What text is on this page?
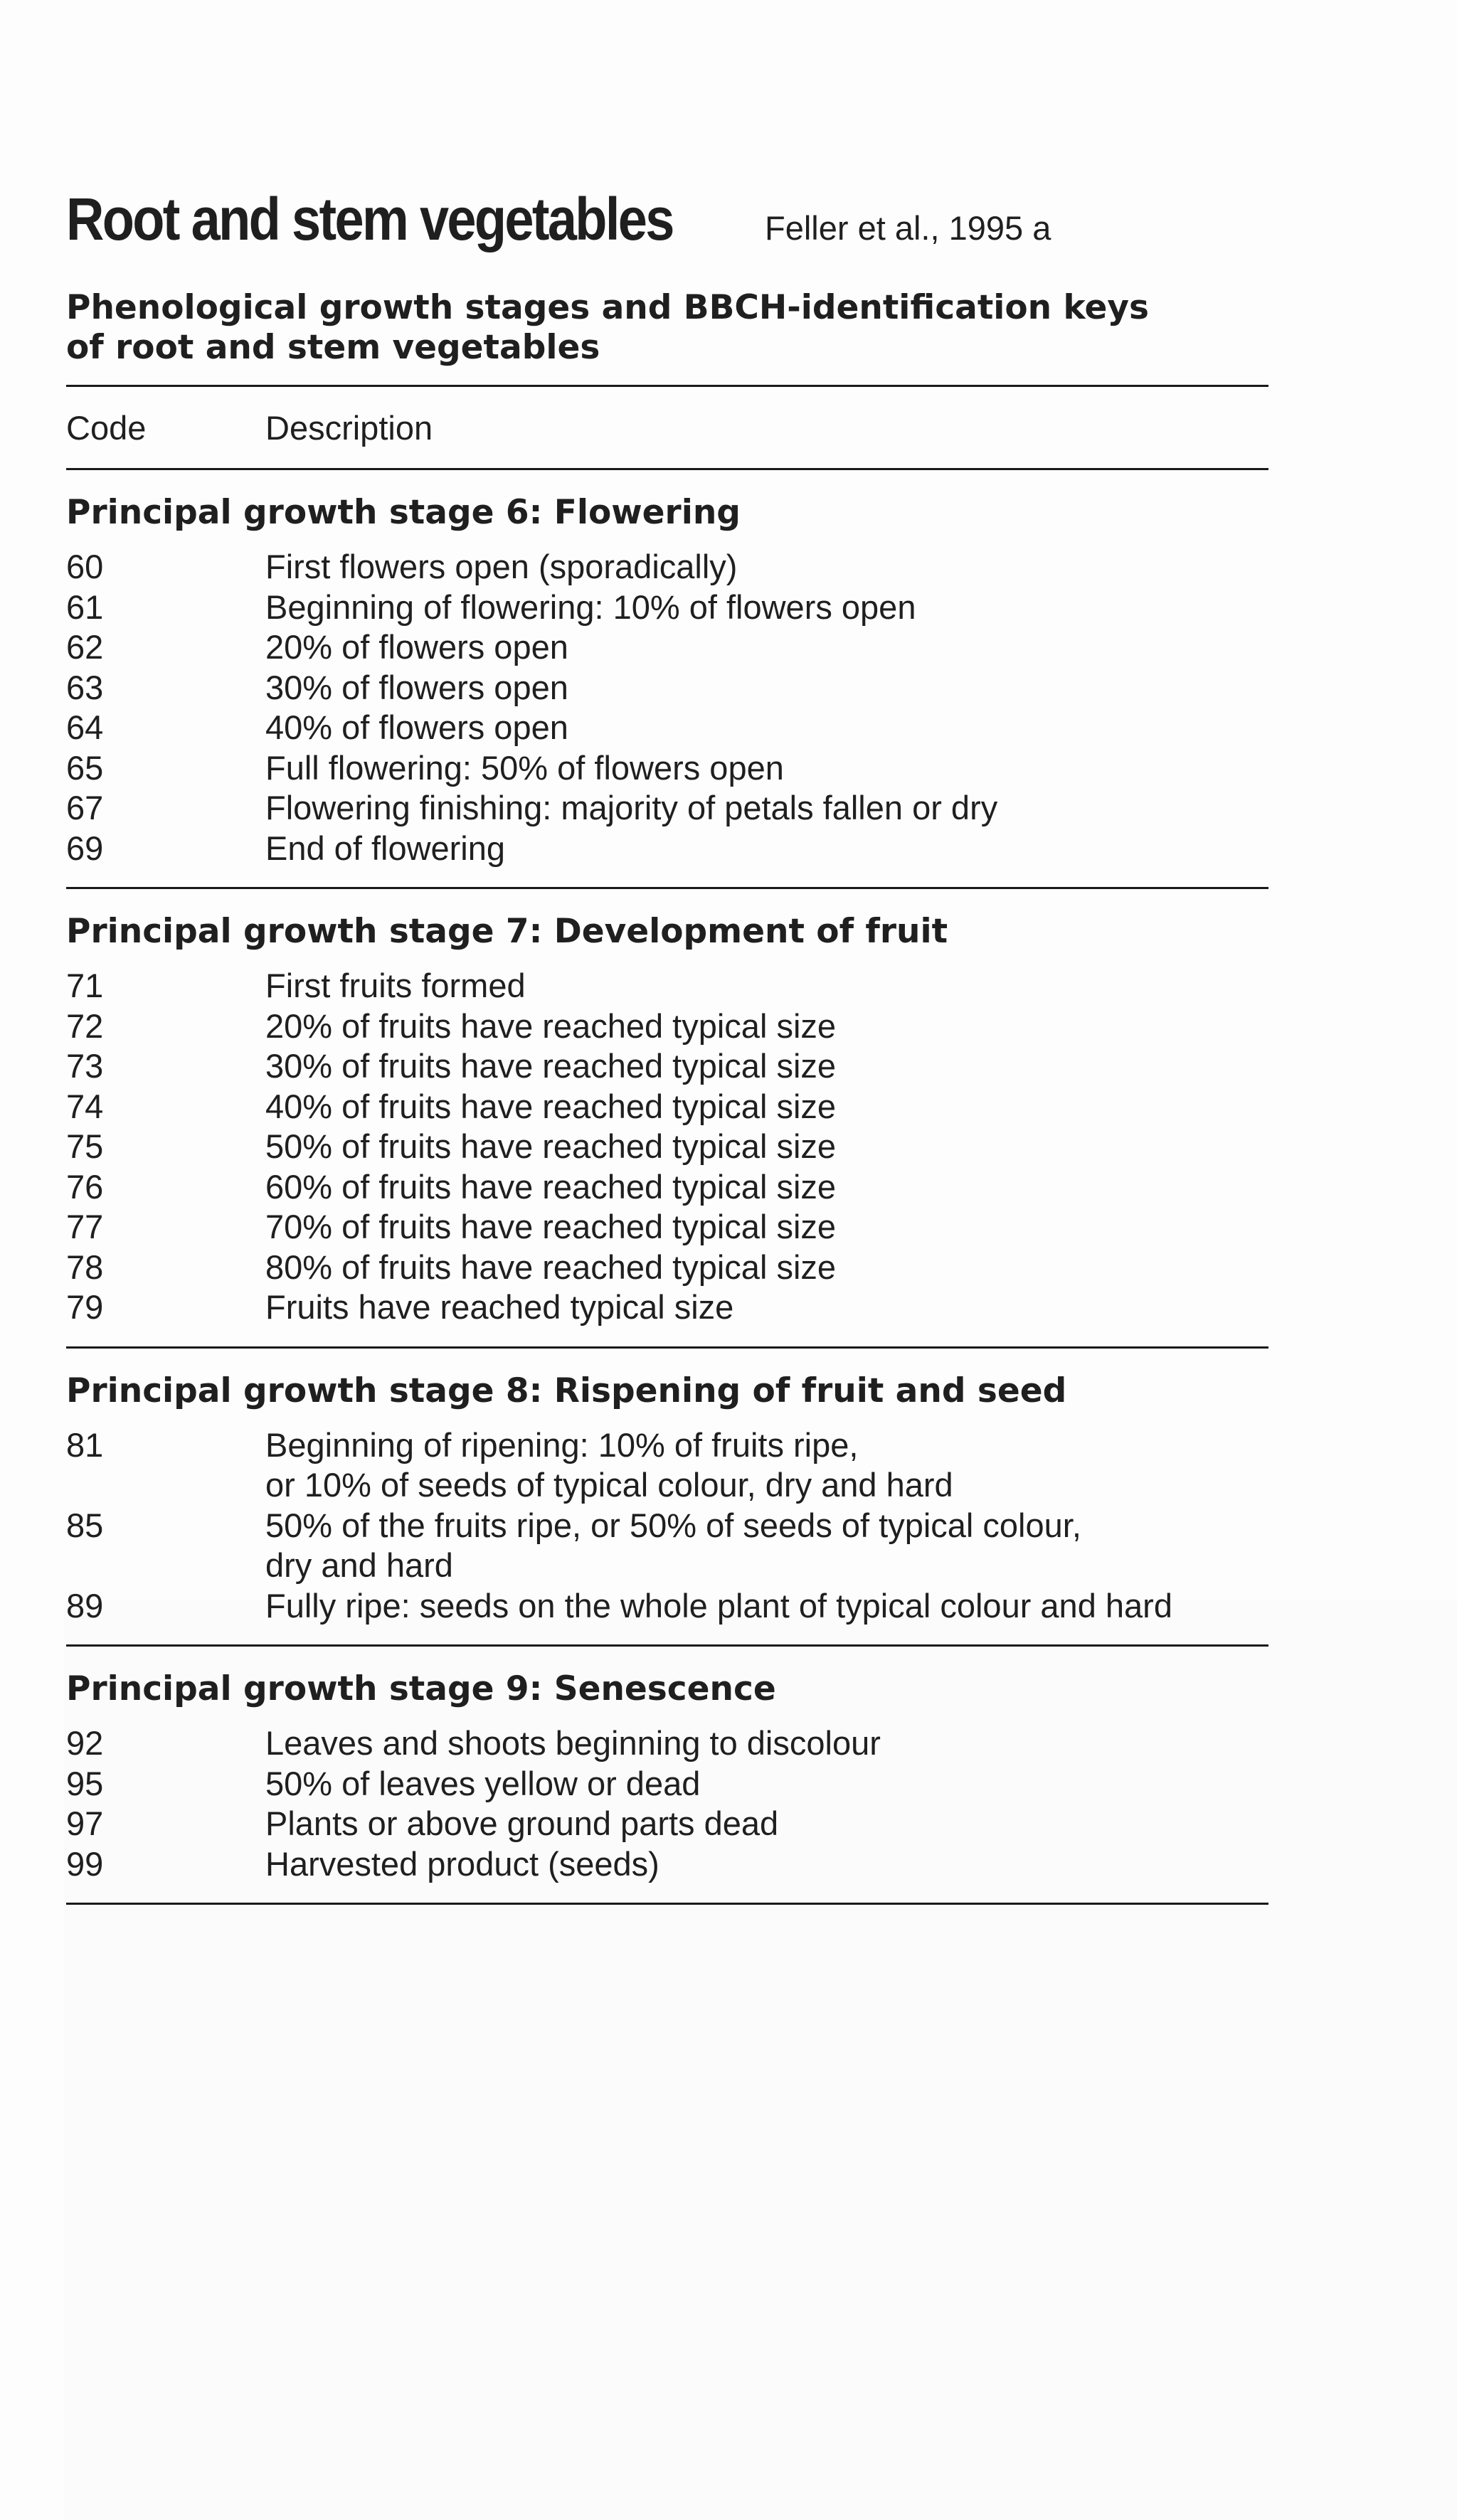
Root and stem vegetables	Feller et al., 1995 a
Phenological growth stages and BBCH-identification keys
of root and stem vegetables
Code	Description
Principal growth stage 6: Flowering
60	First flowers open (sporadically)
61	Beginning of flowering: 10% of flowers open
62	20% of flowers open
63	30% of flowers open
64	40% of flowers open
65	Full flowering: 50% of flowers open
67	Flowering finishing: majority of petals fallen or dry
69	End of flowering
Principal growth stage 7: Development of fruit
71	First fruits formed
72	20% of fruits have reached typical size
73	30% of fruits have reached typical size
74	40% of fruits have reached typical size
75	50% of fruits have reached typical size
76	60% of fruits have reached typical size
77	70% of fruits have reached typical size
78	80% of fruits have reached typical size
79	Fruits have reached typical size
Principal growth stage 8: Rispening of fruit and seed
81	Beginning of ripening: 10% of fruits ripe,
or 10% of seeds of typical colour, dry and hard
85	50% of the fruits ripe, or 50% of seeds of typical colour,
dry and hard
89	Fully ripe: seeds on the whole plant of typical colour and hard
Principal growth stage 9: Senescence
92	Leaves and shoots beginning to discolour
95	50% of leaves yellow or dead
97	Plants or above ground parts dead
99	Harvested product (seeds)
